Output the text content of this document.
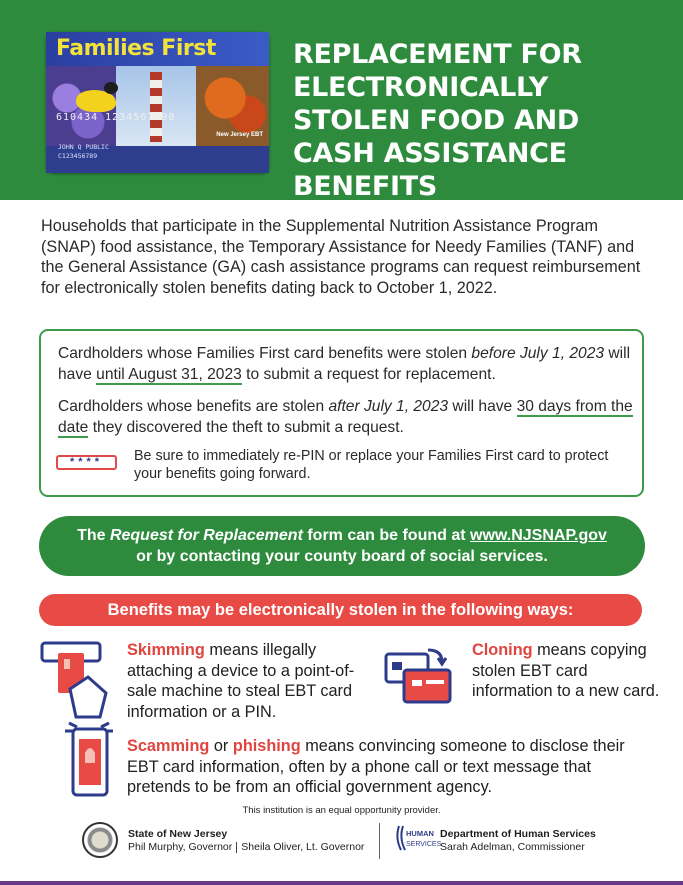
Families First
610434 1234567890
New Jersey EBT
JOHN Q PUBLIC
C123456789
REPLACEMENT FOR ELECTRONICALLY STOLEN FOOD AND CASH ASSISTANCE BENEFITS

Households that participate in the Supplemental Nutrition Assistance Program (SNAP) food assistance, the Temporary Assistance for Needy Families (TANF) and the General Assistance (GA) cash assistance programs can request reimbursement for electronically stolen benefits dating back to October 1, 2022.

Cardholders whose Families First card benefits were stolen before July 1, 2023 will have until August 31, 2023 to submit a request for replacement.

Cardholders whose benefits are stolen after July 1, 2023 will have 30 days from the date they discovered the theft to submit a request.

****	Be sure to immediately re-PIN or replace your Families First card to protect your benefits going forward.

The Request for Replacement form can be found at www.NJSNAP.gov
or by contacting your county board of social services.
Benefits may be electronically stolen in the following ways:
Skimming means illegally attaching a device to a point-of-sale machine to steal EBT card information or a PIN.
Cloning means copying stolen EBT card information to a new card.
Scamming or phishing means convincing someone to disclose their EBT card information, often by a phone call or text message that pretends to be from an official government agency.
This institution is an equal opportunity provider.
State of New Jersey
Phil Murphy, Governor Sheila Oliver, Lt. Governor
HUMAN
SERVICES
Department of Human Services
Sarah Adelman, Commissioner
